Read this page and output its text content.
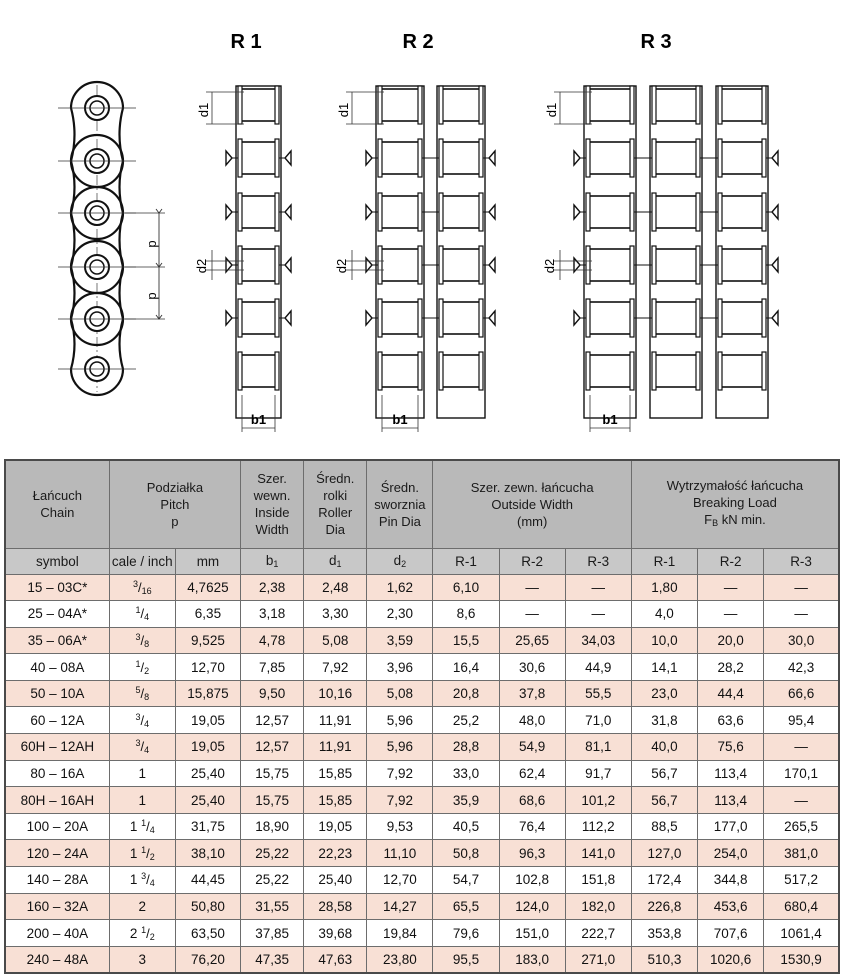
p
p
d1
d2
b1
d1
d2
b1
d1
d2
b1
R 1	R 2	R 3
Łańcuch
Chain	Podziałka
Pitch
p		Szer.
wewn.
Inside
Width	Średn.
rolki
Roller
Dia	Średn.
sworznia
Pin Dia	Szer. zewn. łańcucha
Outside Width
(mm)			Wytrzymałość łańcucha
Breaking Load
$F_B$ kN min.		
symbol	cale / inch	mm	$b_1$	$d_1$	$d_2$	R-1	R-2	R-3	R-1	R-2	R-3
15 – 03C*	$^3$/16	4,7625	2,38	2,48	1,62	6,10	—	—	1,80	—	—
25 – 04A*	$^1$/4	6,35	3,18	3,30	2,30	8,6	—	—	4,0	—	—
35 – 06A*	$^3$/8	9,525	4,78	5,08	3,59	15,5	25,65	34,03	10,0	20,0	30,0
40 – 08A	$^1$/2	12,70	7,85	7,92	3,96	16,4	30,6	44,9	14,1	28,2	42,3
50 – 10A	$^5$/8	15,875	9,50	10,16	5,08	20,8	37,8	55,5	23,0	44,4	66,6
60 – 12A	$^3$/4	19,05	12,57	11,91	5,96	25,2	48,0	71,0	31,8	63,6	95,4
60H – 12AH	$^3$/4	19,05	12,57	11,91	5,96	28,8	54,9	81,1	40,0	75,6	—
80 – 16A	1	25,40	15,75	15,85	7,92	33,0	62,4	91,7	56,7	113,4	170,1
80H – 16AH	1	25,40	15,75	15,85	7,92	35,9	68,6	101,2	56,7	113,4	—
100 – 20A	1 $^1$/4	31,75	18,90	19,05	9,53	40,5	76,4	112,2	88,5	177,0	265,5
120 – 24A	1 $^1$/2	38,10	25,22	22,23	11,10	50,8	96,3	141,0	127,0	254,0	381,0
140 – 28A	1 $^3$/4	44,45	25,22	25,40	12,70	54,7	102,8	151,8	172,4	344,8	517,2
160 – 32A	2	50,80	31,55	28,58	14,27	65,5	124,0	182,0	226,8	453,6	680,4
200 – 40A	2 $^1$/2	63,50	37,85	39,68	19,84	79,6	151,0	222,7	353,8	707,6	1061,4
240 – 48A	3	76,20	47,35	47,63	23,80	95,5	183,0	271,0	510,3	1020,6	1530,9
